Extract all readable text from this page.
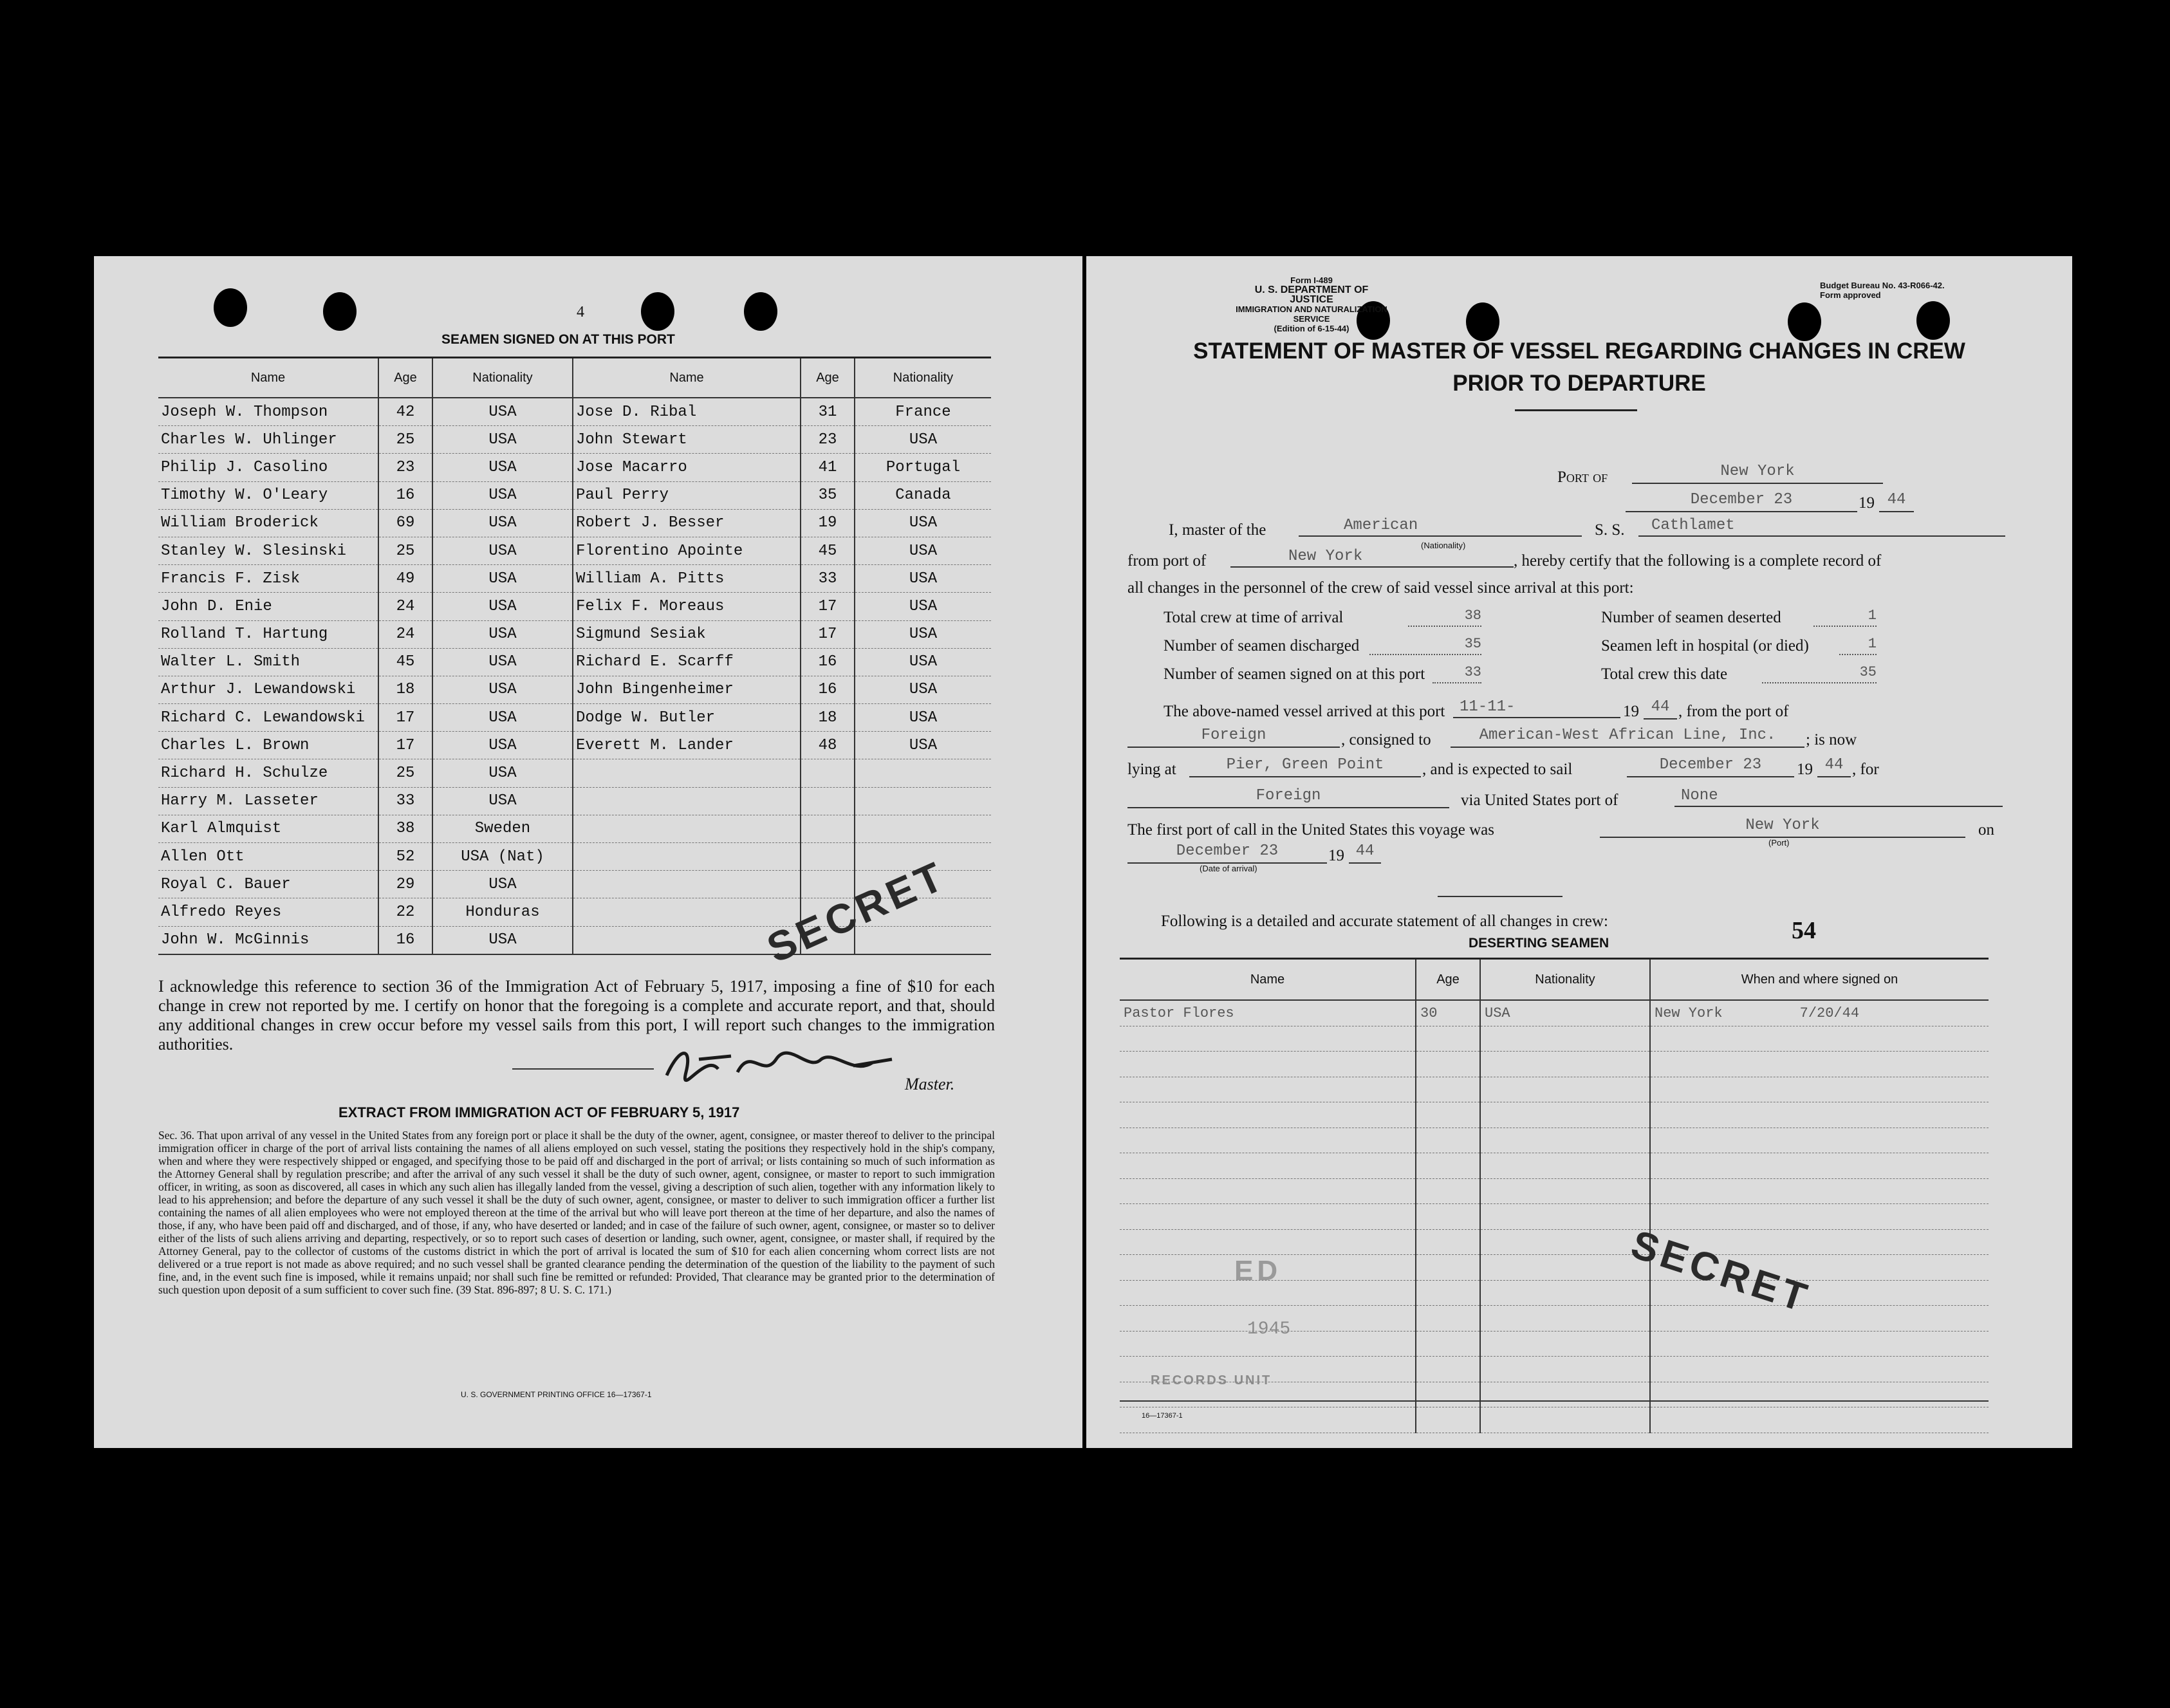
4
SEAMEN SIGNED ON AT THIS PORT
Name	Age	Nationality	Name	Age	Nationality
Joseph W. Thompson	42	USA	Jose D. Ribal	31	France
Charles W. Uhlinger	25	USA	John Stewart	23	USA
Philip J. Casolino	23	USA	Jose Macarro	41	Portugal
Timothy W. O'Leary	16	USA	Paul Perry	35	Canada
William Broderick	69	USA	Robert J. Besser	19	USA
Stanley W. Slesinski	25	USA	Florentino Apointe	45	USA
Francis F. Zisk	49	USA	William A. Pitts	33	USA
John D. Enie	24	USA	Felix F. Moreaus	17	USA
Rolland T. Hartung	24	USA	Sigmund Sesiak	17	USA
Walter L. Smith	45	USA	Richard E. Scarff	16	USA
Arthur J. Lewandowski	18	USA	John Bingenheimer	16	USA
Richard C. Lewandowski	17	USA	Dodge W. Butler	18	USA
Charles L. Brown	17	USA	Everett M. Lander	48	USA
Richard H. Schulze	25	USA			
Harry M. Lasseter	33	USA			
Karl Almquist	38	Sweden			
Allen Ott	52	USA (Nat)			
Royal C. Bauer	29	USA			
Alfredo Reyes	22	Honduras			
John W. McGinnis	16	USA				SECRET
I acknowledge this reference to section 36 of the Immigration Act of February 5, 1917, imposing a fine of $10 for each change in crew not reported by me. I certify on honor that the foregoing is a complete and accurate report, and that, should any additional changes in crew occur before my vessel sails from this port, I will report such changes to the immigration authorities.
Master.
EXTRACT FROM IMMIGRATION ACT OF FEBRUARY 5, 1917
Sec. 36. That upon arrival of any vessel in the United States from any foreign port or place it shall be the duty of the owner, agent, consignee, or master thereof to deliver to the principal immigration officer in charge of the port of arrival lists containing the names of all aliens employed on such vessel, stating the positions they respectively hold in the ship's company, when and where they were respectively shipped or engaged, and specifying those to be paid off and discharged in the port of arrival; or lists containing so much of such information as the Attorney General shall by regulation prescribe; and after the arrival of any such vessel it shall be the duty of such owner, agent, consignee, or master to report to such immigration officer, in writing, as soon as discovered, all cases in which any such alien has illegally landed from the vessel, giving a description of such alien, together with any information likely to lead to his apprehension; and before the departure of any such vessel it shall be the duty of such owner, agent, consignee, or master to deliver to such immigration officer a further list containing the names of all alien employees who were not employed thereon at the time of the arrival but who will leave port thereon at the time of her departure, and also the names of those, if any, who have been paid off and discharged, and of those, if any, who have deserted or landed; and in case of the failure of such owner, agent, consignee, or master so to deliver either of the lists of such aliens arriving and departing, respectively, or so to report such cases of desertion or landing, such owner, agent, consignee, or master shall, if required by the Attorney General, pay to the collector of customs of the customs district in which the port of arrival is located the sum of $10 for each alien concerning whom correct lists are not delivered or a true report is not made as above required; and no such vessel shall be granted clearance pending the determination of the question of the liability to the payment of such fine, and, in the event such fine is imposed, while it remains unpaid; nor shall such fine be remitted or refunded: Provided, That clearance may be granted prior to the determination of such question upon deposit of a sum sufficient to cover such fine. (39 Stat. 896-897; 8 U. S. C. 171.)
U. S. GOVERNMENT PRINTING OFFICE 16—17367-1
Form I-489
U. S. DEPARTMENT OF JUSTICE
IMMIGRATION AND NATURALIZATION SERVICE
(Edition of 6-15-44)
Budget Bureau No. 43-R066-42.
Form approved
STATEMENT OF MASTER OF VESSEL REGARDING CHANGES IN CREW
PRIOR TO DEPARTURE
Port of	New York
December 23	19 44
I, master of the	American
(Nationality)
S. S.	Cathlamet
from port of	New York	, hereby certify that the following is a complete record of
all changes in the personnel of the crew of said vessel since arrival at this port:
Total crew at time of arrival	38
Number of seamen discharged	35
Number of seamen signed on at this port	33
Number of seamen deserted	1
Seamen left in hospital (or died)	1
Total crew this date	35
The above-named vessel arrived at this port 11-11-	19 44 , from the port of
Foreign	, consigned to	American-West African Line, Inc.	; is now
lying at	Pier, Green Point	, and is expected to sail	December 23	19 44 , for
Foreign	via United States port of	None
The first port of call in the United States this voyage was	New York	on
(Port)
December 23	19 44
(Date of arrival)
Following is a detailed and accurate statement of all changes in crew:	54
DESERTING SEAMEN
Name	Age	Nationality	When and where signed on
Pastor Flores	30	USA	New York 7/20/44

SECRET
ED
1945
RECORDS UNIT
16—17367-1
